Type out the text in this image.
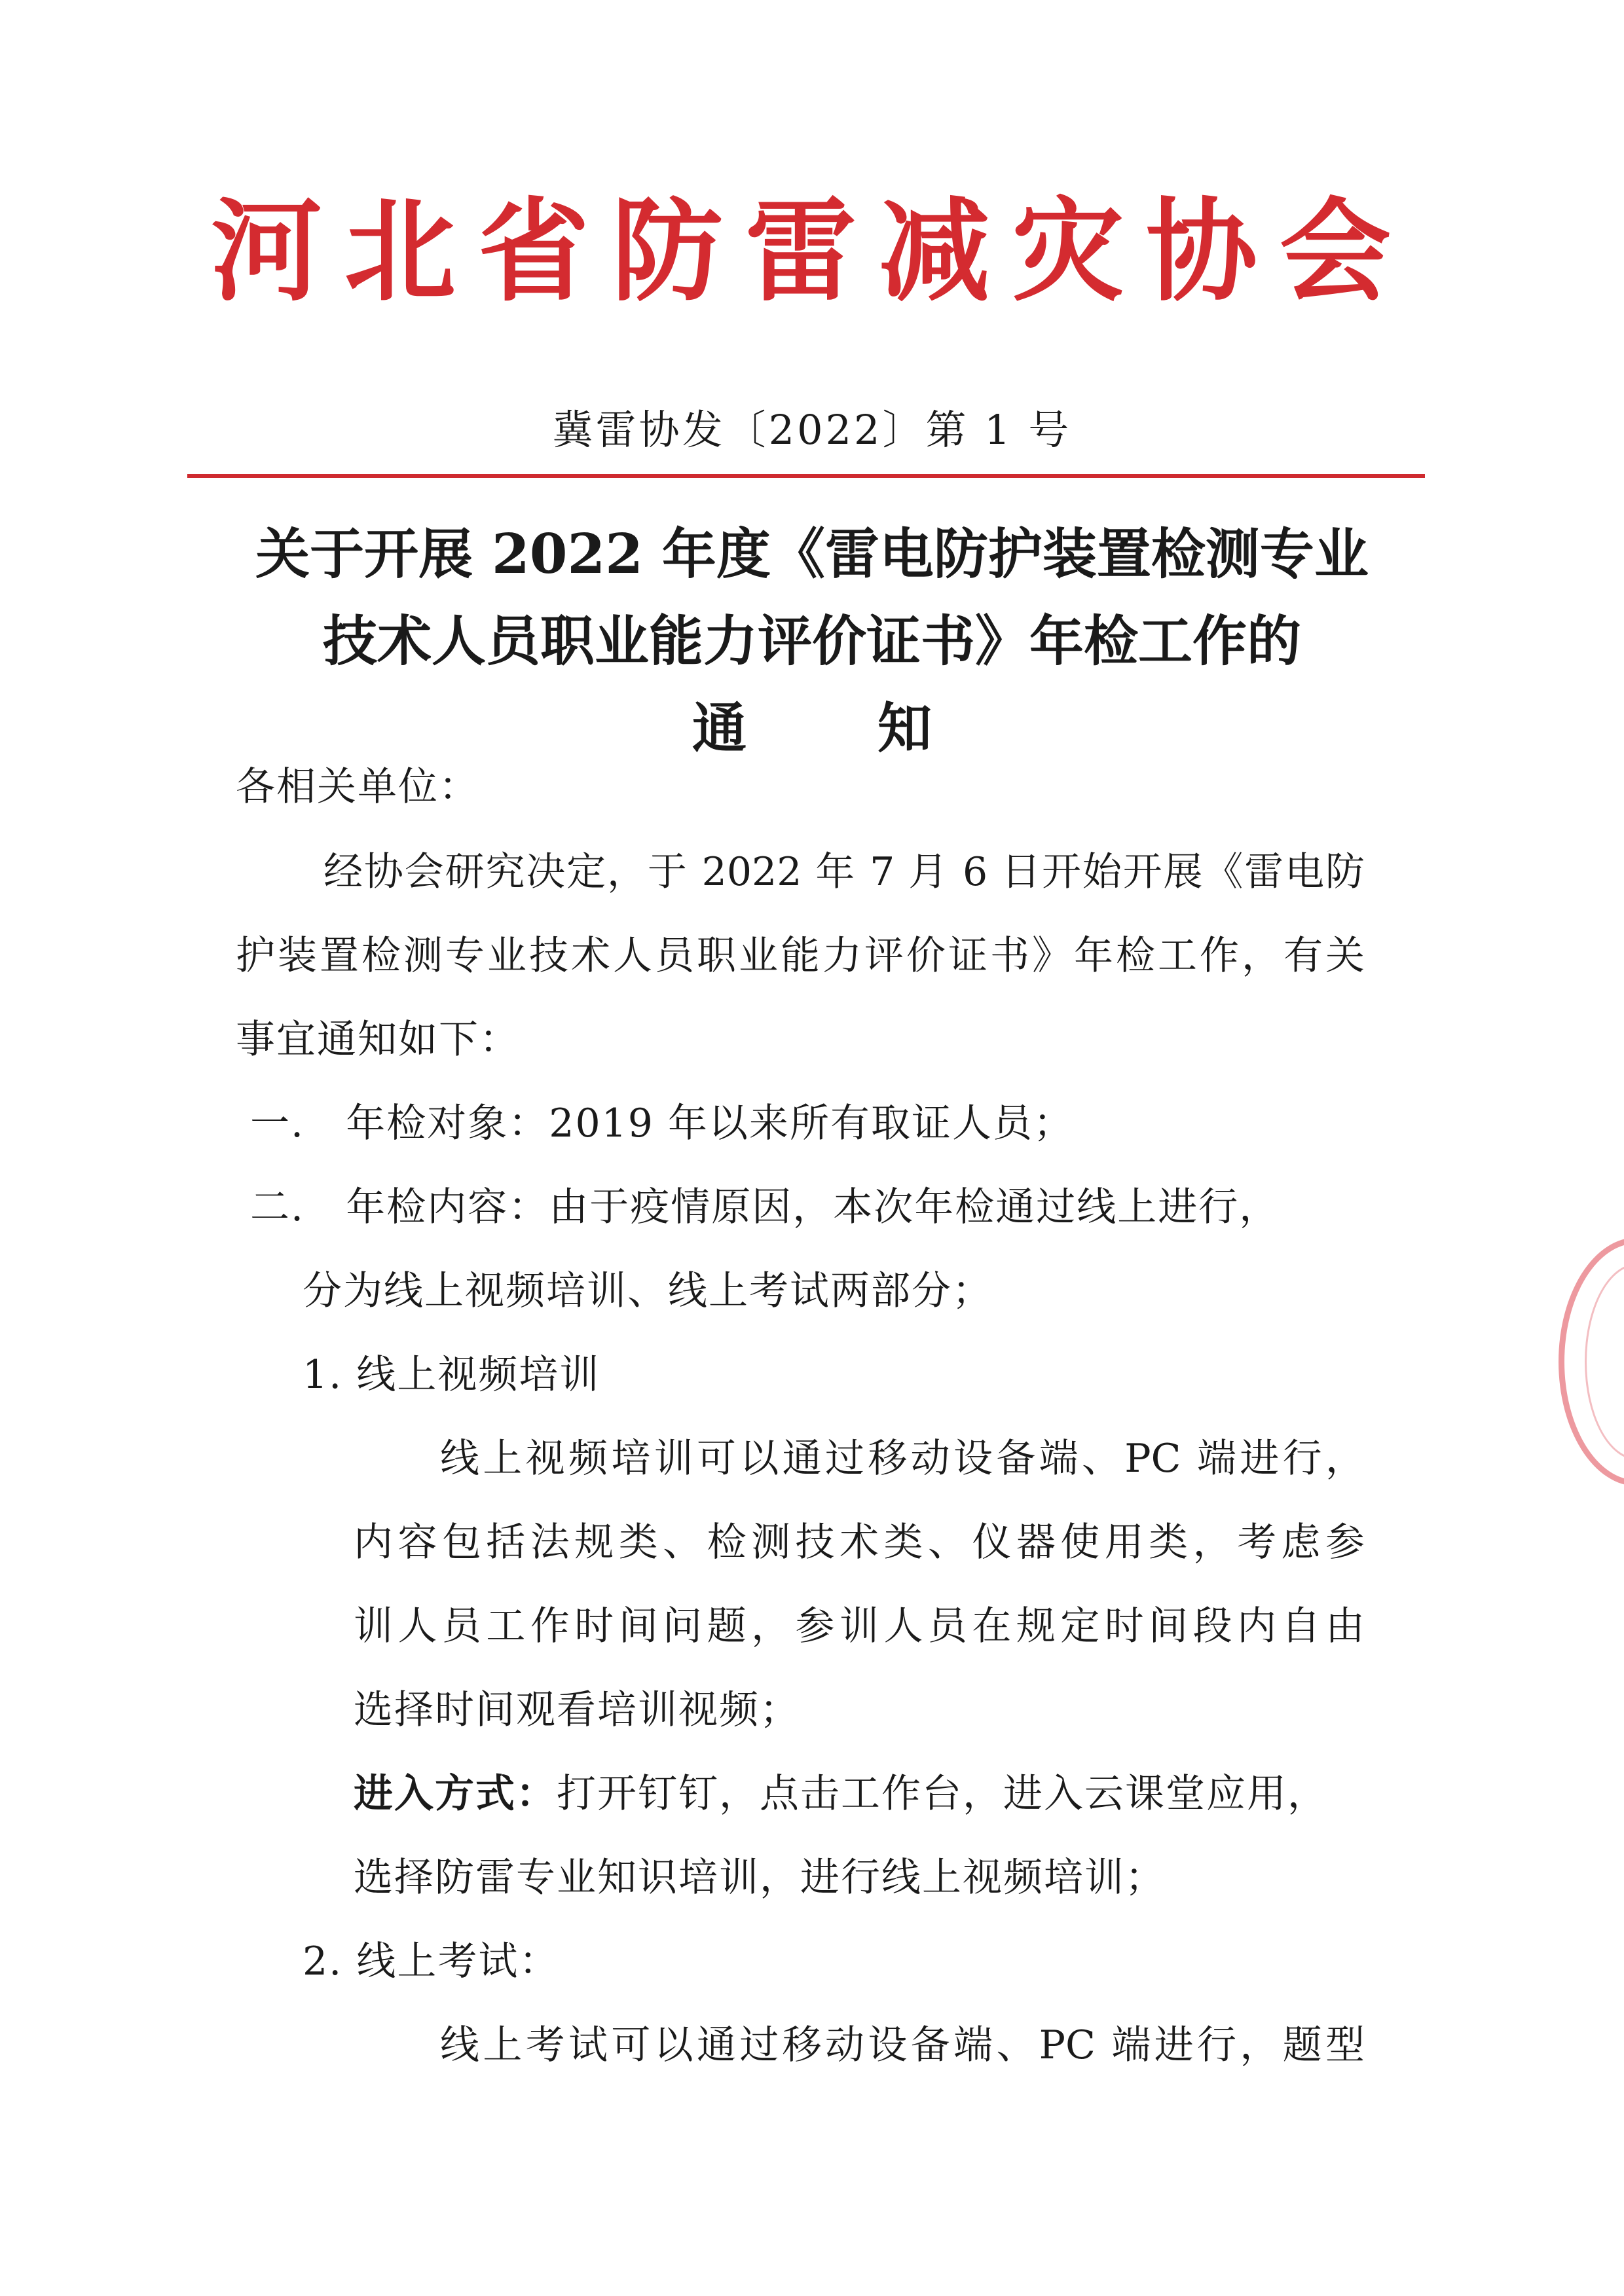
河北省防雷减灾协会
冀雷协发〔2022〕第 1 号
关于开展 2022 年度《雷电防护装置检测专业
技术人员职业能力评价证书》年检工作的
通知
各相关单位：
经协会研究决定，于 2022 年 7 月 6 日开始开展《雷电防
护装置检测专业技术人员职业能力评价证书》年检工作，有关
事宜通知如下：
一.   年检对象：2019 年以来所有取证人员；
二.   年检内容：由于疫情原因，本次年检通过线上进行，
分为线上视频培训、线上考试两部分；
1. 线上视频培训
线上视频培训可以通过移动设备端、PC 端进行，
内容包括法规类、检测技术类、仪器使用类，考虑参
训人员工作时间问题，参训人员在规定时间段内自由
选择时间观看培训视频；
进入方式：打开钉钉，点击工作台，进入云课堂应用，
选择防雷专业知识培训，进行线上视频培训；
2. 线上考试：
线上考试可以通过移动设备端、PC 端进行，题型
